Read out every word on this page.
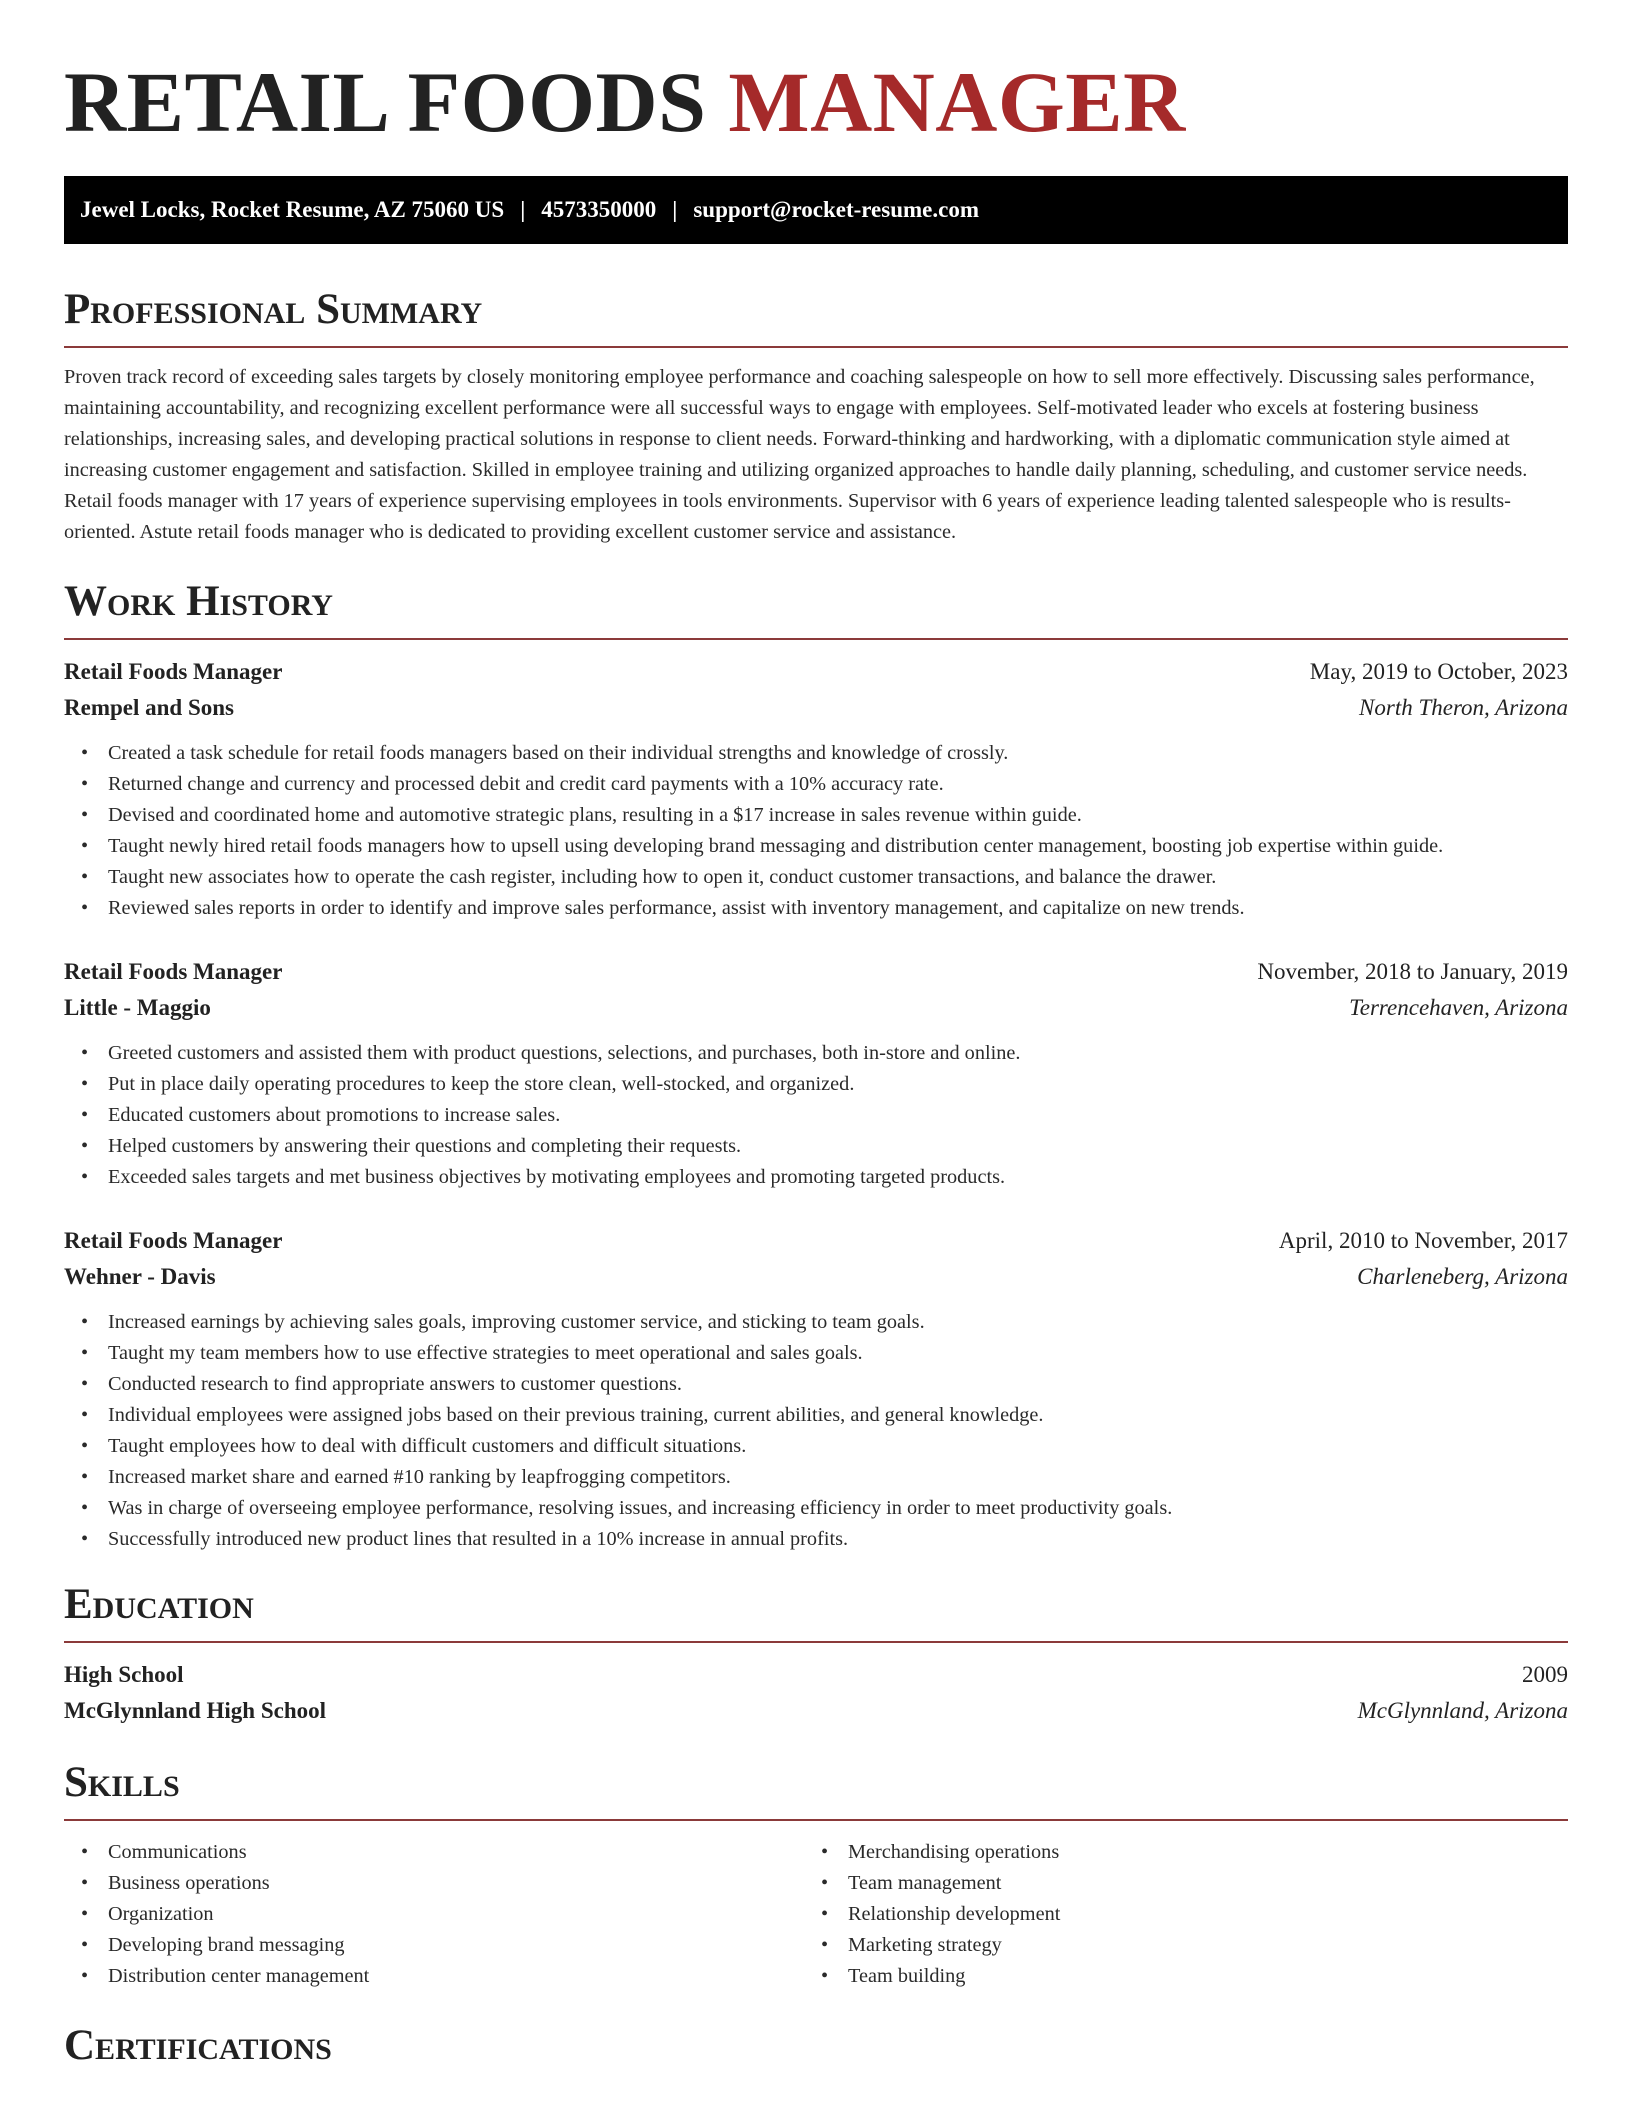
RETAIL FOODS MANAGER
Jewel Locks, Rocket Resume, AZ 75060 US | 4573350000 | support@rocket-resume.com
Professional Summary

Proven track record of exceeding sales targets by closely monitoring employee performance and coaching salespeople on how to sell more effectively. Discussing sales performance, maintaining accountability, and recognizing excellent performance were all successful ways to engage with employees. Self-motivated leader who excels at fostering business relationships, increasing sales, and developing practical solutions in response to client needs. Forward-thinking and hardworking, with a diplomatic communication style aimed at increasing customer engagement and satisfaction. Skilled in employee training and utilizing organized approaches to handle daily planning, scheduling, and customer service needs. Retail foods manager with 17 years of experience supervising employees in tools environments. Supervisor with 6 years of experience leading talented salespeople who is results-oriented. Astute retail foods manager who is dedicated to providing excellent customer service and assistance.

Work History
Retail Foods Manager	May, 2019 to October, 2023
Rempel and Sons	North Theron, Arizona
• Created a task schedule for retail foods managers based on their individual strengths and knowledge of crossly.
• Returned change and currency and processed debit and credit card payments with a 10% accuracy rate.
• Devised and coordinated home and automotive strategic plans, resulting in a $17 increase in sales revenue within guide.
• Taught newly hired retail foods managers how to upsell using developing brand messaging and distribution center management, boosting job expertise within guide.
• Taught new associates how to operate the cash register, including how to open it, conduct customer transactions, and balance the drawer.
• Reviewed sales reports in order to identify and improve sales performance, assist with inventory management, and capitalize on new trends.
Retail Foods Manager	November, 2018 to January, 2019
Little - Maggio	Terrencehaven, Arizona
• Greeted customers and assisted them with product questions, selections, and purchases, both in-store and online.
• Put in place daily operating procedures to keep the store clean, well-stocked, and organized.
• Educated customers about promotions to increase sales.
• Helped customers by answering their questions and completing their requests.
• Exceeded sales targets and met business objectives by motivating employees and promoting targeted products.
Retail Foods Manager	April, 2010 to November, 2017
Wehner - Davis	Charleneberg, Arizona
• Increased earnings by achieving sales goals, improving customer service, and sticking to team goals.
• Taught my team members how to use effective strategies to meet operational and sales goals.
• Conducted research to find appropriate answers to customer questions.
• Individual employees were assigned jobs based on their previous training, current abilities, and general knowledge.
• Taught employees how to deal with difficult customers and difficult situations.
• Increased market share and earned #10 ranking by leapfrogging competitors.
• Was in charge of overseeing employee performance, resolving issues, and increasing efficiency in order to meet productivity goals.
• Successfully introduced new product lines that resulted in a 10% increase in annual profits.
Education
High School	2009
McGlynnland High School	McGlynnland, Arizona
Skills
• Communications
• Business operations
• Organization
• Developing brand messaging
• Distribution center management
• Merchandising operations
• Team management
• Relationship development
• Marketing strategy
• Team building
Certifications
